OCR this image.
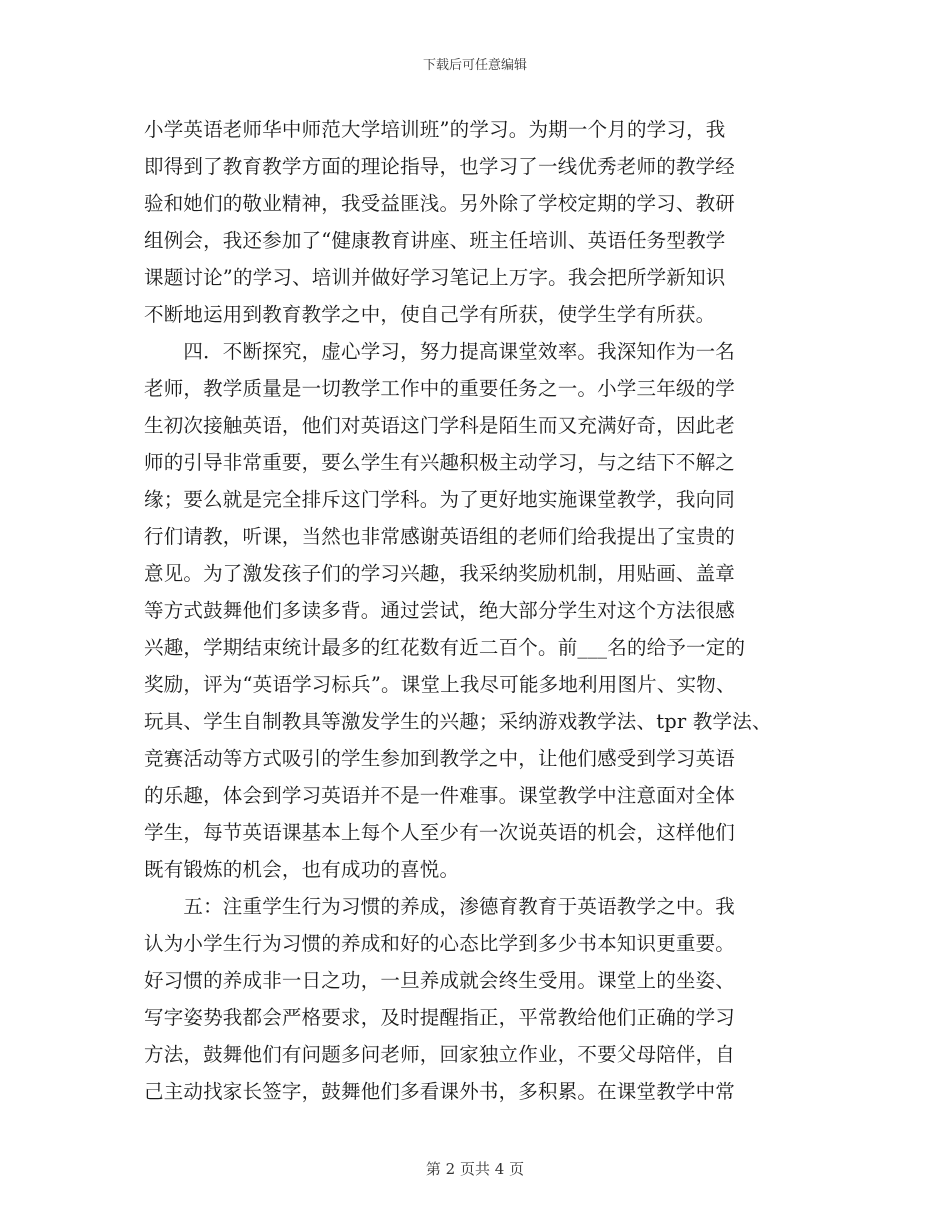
下载后可任意编辑
小学英语老师华中师范大学培训班”的学习。为期一个月的学习，我
即得到了教育教学方面的理论指导，也学习了一线优秀老师的教学经
验和她们的敬业精神，我受益匪浅。另外除了学校定期的学习、教研
组例会，我还参加了“健康教育讲座、班主任培训、英语任务型教学
课题讨论”的学习、培训并做好学习笔记上万字。我会把所学新知识
不断地运用到教育教学之中，使自己学有所获，使学生学有所获。
　　四．不断探究，虚心学习，努力提高课堂效率。我深知作为一名
老师，教学质量是一切教学工作中的重要任务之一。小学三年级的学
生初次接触英语，他们对英语这门学科是陌生而又充满好奇，因此老
师的引导非常重要，要么学生有兴趣积极主动学习，与之结下不解之
缘；要么就是完全排斥这门学科。为了更好地实施课堂教学，我向同
行们请教，听课，当然也非常感谢英语组的老师们给我提出了宝贵的
意见。为了激发孩子们的学习兴趣，我采纳奖励机制，用贴画、盖章
等方式鼓舞他们多读多背。通过尝试，绝大部分学生对这个方法很感
兴趣，学期结束统计最多的红花数有近二百个。前___名的给予一定的
奖励，评为“英语学习标兵”。课堂上我尽可能多地利用图片、实物、
玩具、学生自制教具等激发学生的兴趣；采纳游戏教学法、tpr 教学法、
竞赛活动等方式吸引的学生参加到教学之中，让他们感受到学习英语
的乐趣，体会到学习英语并不是一件难事。课堂教学中注意面对全体
学生，每节英语课基本上每个人至少有一次说英语的机会，这样他们
既有锻炼的机会，也有成功的喜悦。
　　五：注重学生行为习惯的养成，渗德育教育于英语教学之中。我
认为小学生行为习惯的养成和好的心态比学到多少书本知识更重要。
好习惯的养成非一日之功，一旦养成就会终生受用。课堂上的坐姿、
写字姿势我都会严格要求，及时提醒指正，平常教给他们正确的学习
方法，鼓舞他们有问题多问老师，回家独立作业，不要父母陪伴，自
己主动找家长签字，鼓舞他们多看课外书，多积累。在课堂教学中常
第 2 页共 4 页
